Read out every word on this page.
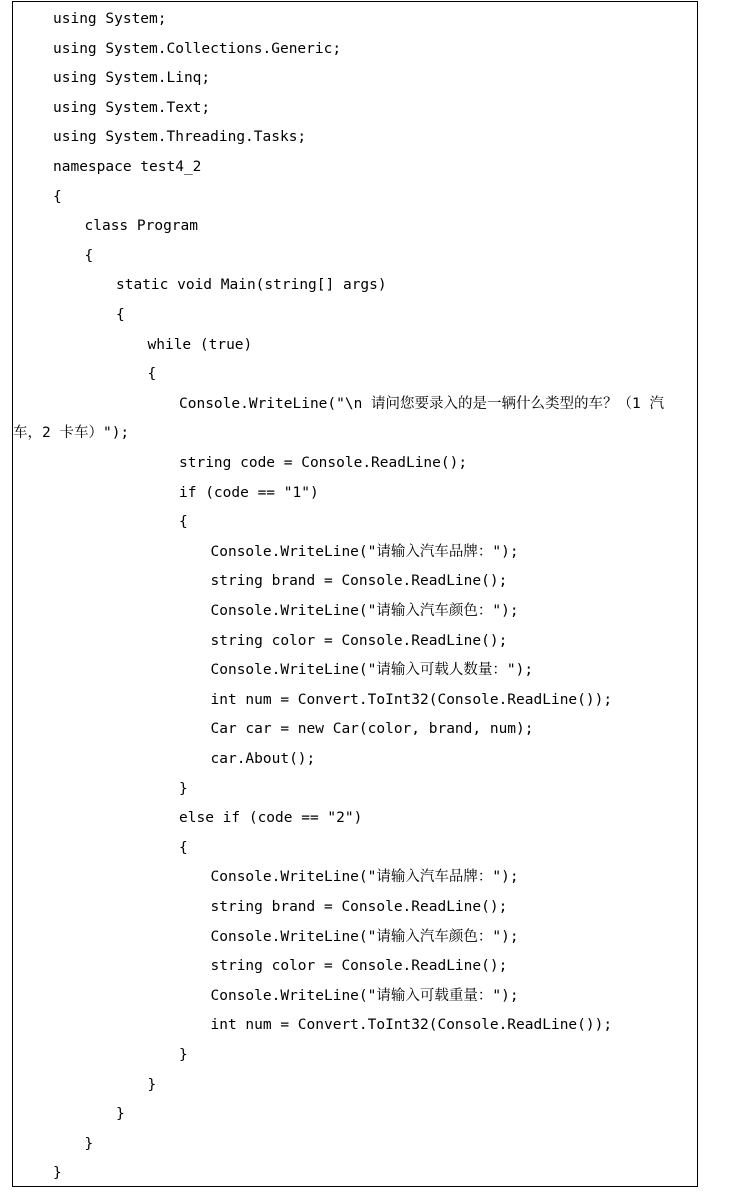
using System;
using System.Collections.Generic;
using System.Linq;
using System.Text;
using System.Threading.Tasks;
namespace test4_2
{
class Program
{
static void Main(string[] args)
{
while (true)
{
Console.WriteLine("\n 请问您要录入的是一辆什么类型的车？（1 汽
车，2 卡车）");
string code = Console.ReadLine();
if (code == "1")
{
Console.WriteLine("请输入汽车品牌：");
string brand = Console.ReadLine();
Console.WriteLine("请输入汽车颜色：");
string color = Console.ReadLine();
Console.WriteLine("请输入可载人数量：");
int num = Convert.ToInt32(Console.ReadLine());
Car car = new Car(color, brand, num);
car.About();
}
else if (code == "2")
{
Console.WriteLine("请输入汽车品牌：");
string brand = Console.ReadLine();
Console.WriteLine("请输入汽车颜色：");
string color = Console.ReadLine();
Console.WriteLine("请输入可载重量：");
int num = Convert.ToInt32(Console.ReadLine());
}
}
}
}
}
